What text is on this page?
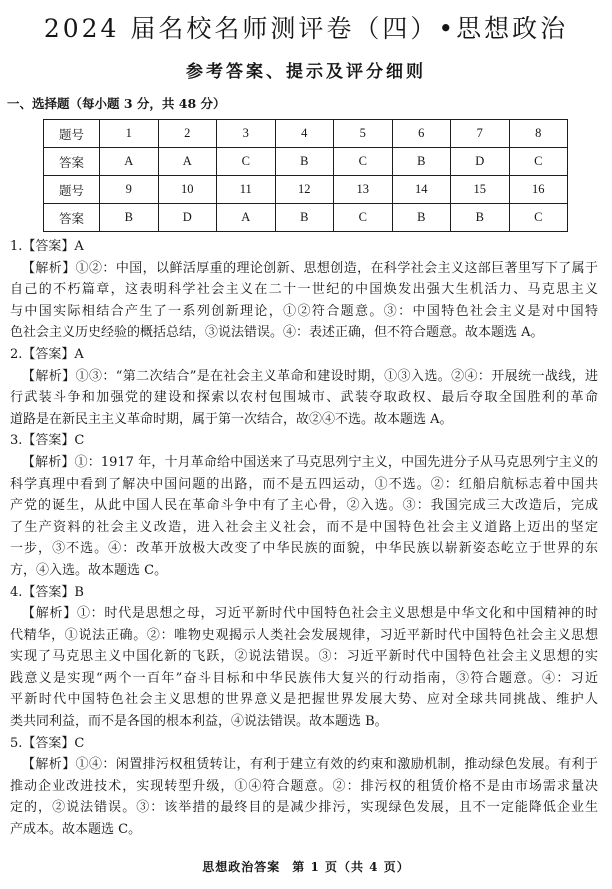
2024 届名校名师测评卷（四）•思想政治
参考答案、提示及评分细则
一、选择题（每小题 3 分，共 48 分）
题号	1	2	3	4	5	6	7	8
答案	A	A	C	B	C	B	D	C
题号	9	10	11	12	13	14	15	16
答案	B	D	A	B	C	B	B	C
1.【答案】A
【解析】①②：中国，以鲜活厚重的理论创新、思想创造，在科学社会主义这部巨著里写下了属于
自己的不朽篇章，这表明科学社会主义在二十一世纪的中国焕发出强大生机活力、马克思主义
与中国实际相结合产生了一系列创新理论，①②符合题意。③：中国特色社会主义是对中国特
色社会主义历史经验的概括总结，③说法错误。④：表述正确，但不符合题意。故本题选 A。
2.【答案】A
【解析】①③：“第二次结合”是在社会主义革命和建设时期，①③入选。②④：开展统一战线，进
行武装斗争和加强党的建设和探索以农村包围城市、武装夺取政权、最后夺取全国胜利的革命
道路是在新民主主义革命时期，属于第一次结合，故②④不选。故本题选 A。
3.【答案】C
【解析】①：1917 年，十月革命给中国送来了马克思列宁主义，中国先进分子从马克思列宁主义的
科学真理中看到了解决中国问题的出路，而不是五四运动，①不选。②：红船启航标志着中国共
产党的诞生，从此中国人民在革命斗争中有了主心骨，②入选。③：我国完成三大改造后，完成
了生产资料的社会主义改造，进入社会主义社会，而不是中国特色社会主义道路上迈出的坚定
一步，③不选。④：改革开放极大改变了中华民族的面貌，中华民族以崭新姿态屹立于世界的东
方，④入选。故本题选 C。
4.【答案】B
【解析】①：时代是思想之母，习近平新时代中国特色社会主义思想是中华文化和中国精神的时
代精华，①说法正确。②：唯物史观揭示人类社会发展规律，习近平新时代中国特色社会主义思想
实现了马克思主义中国化新的飞跃，②说法错误。③：习近平新时代中国特色社会主义思想的实
践意义是实现“两个一百年”奋斗目标和中华民族伟大复兴的行动指南，③符合题意。④：习近
平新时代中国特色社会主义思想的世界意义是把握世界发展大势、应对全球共同挑战、维护人
类共同利益，而不是各国的根本利益，④说法错误。故本题选 B。
5.【答案】C
【解析】①④：闲置排污权租赁转让，有利于建立有效的约束和激励机制，推动绿色发展。有利于
推动企业改进技术，实现转型升级，①④符合题意。②：排污权的租赁价格不是由市场需求量决
定的，②说法错误。③：该举措的最终目的是减少排污，实现绿色发展，且不一定能降低企业生
产成本。故本题选 C。
思想政治答案 第 1 页（共 4 页）
